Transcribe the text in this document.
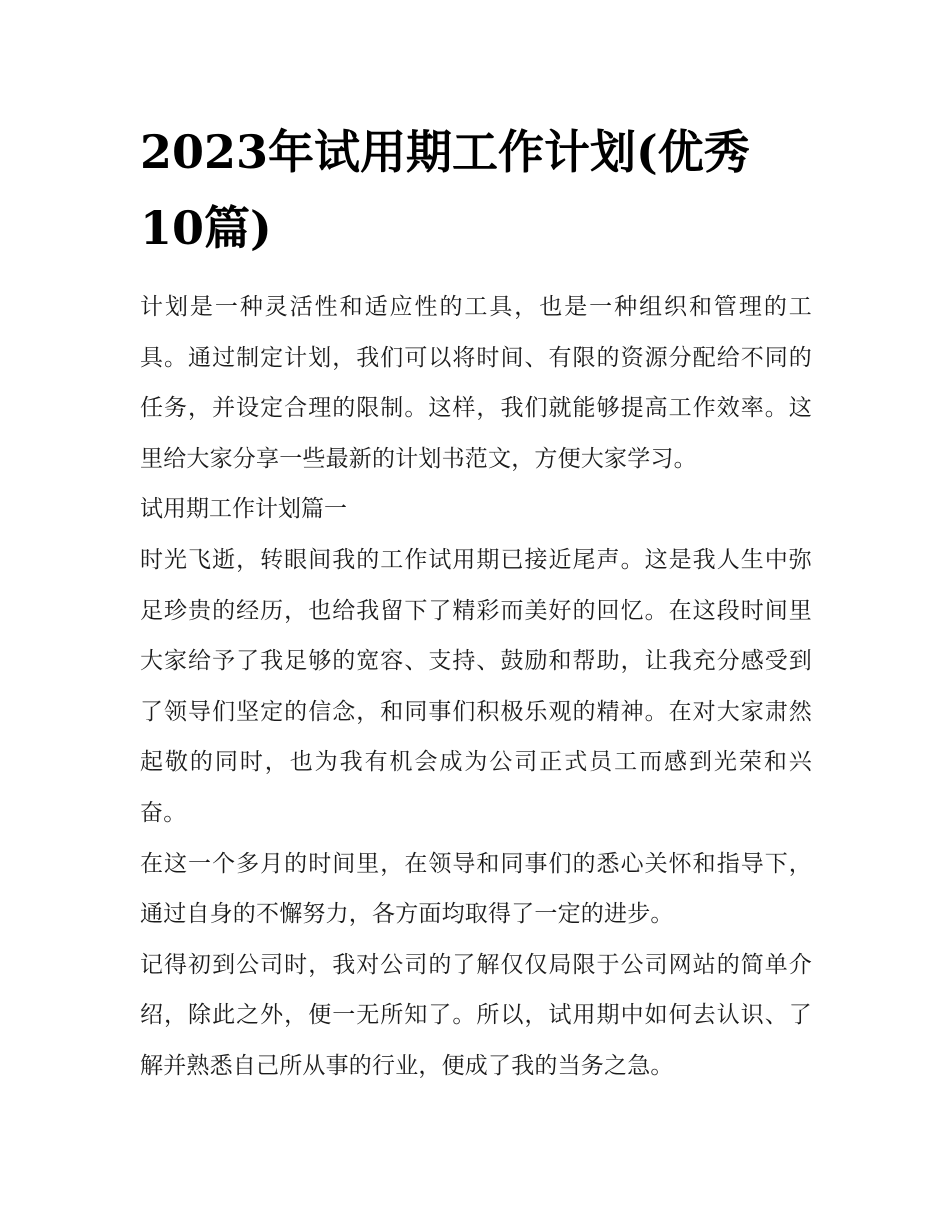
2023年试用期工作计划(优秀10篇)

计划是一种灵活性和适应性的工具，也是一种组织和管理的工具。通过制定计划，我们可以将时间、有限的资源分配给不同的任务，并设定合理的限制。这样，我们就能够提高工作效率。这里给大家分享一些最新的计划书范文，方便大家学习。

试用期工作计划篇一

时光飞逝，转眼间我的工作试用期已接近尾声。这是我人生中弥足珍贵的经历，也给我留下了精彩而美好的回忆。在这段时间里大家给予了我足够的宽容、支持、鼓励和帮助，让我充分感受到了领导们坚定的信念，和同事们积极乐观的精神。在对大家肃然起敬的同时，也为我有机会成为公司正式员工而感到光荣和兴奋。

在这一个多月的时间里，在领导和同事们的悉心关怀和指导下，通过自身的不懈努力，各方面均取得了一定的进步。

记得初到公司时，我对公司的了解仅仅局限于公司网站的简单介绍，除此之外，便一无所知了。所以，试用期中如何去认识、了解并熟悉自己所从事的行业，便成了我的当务之急。
